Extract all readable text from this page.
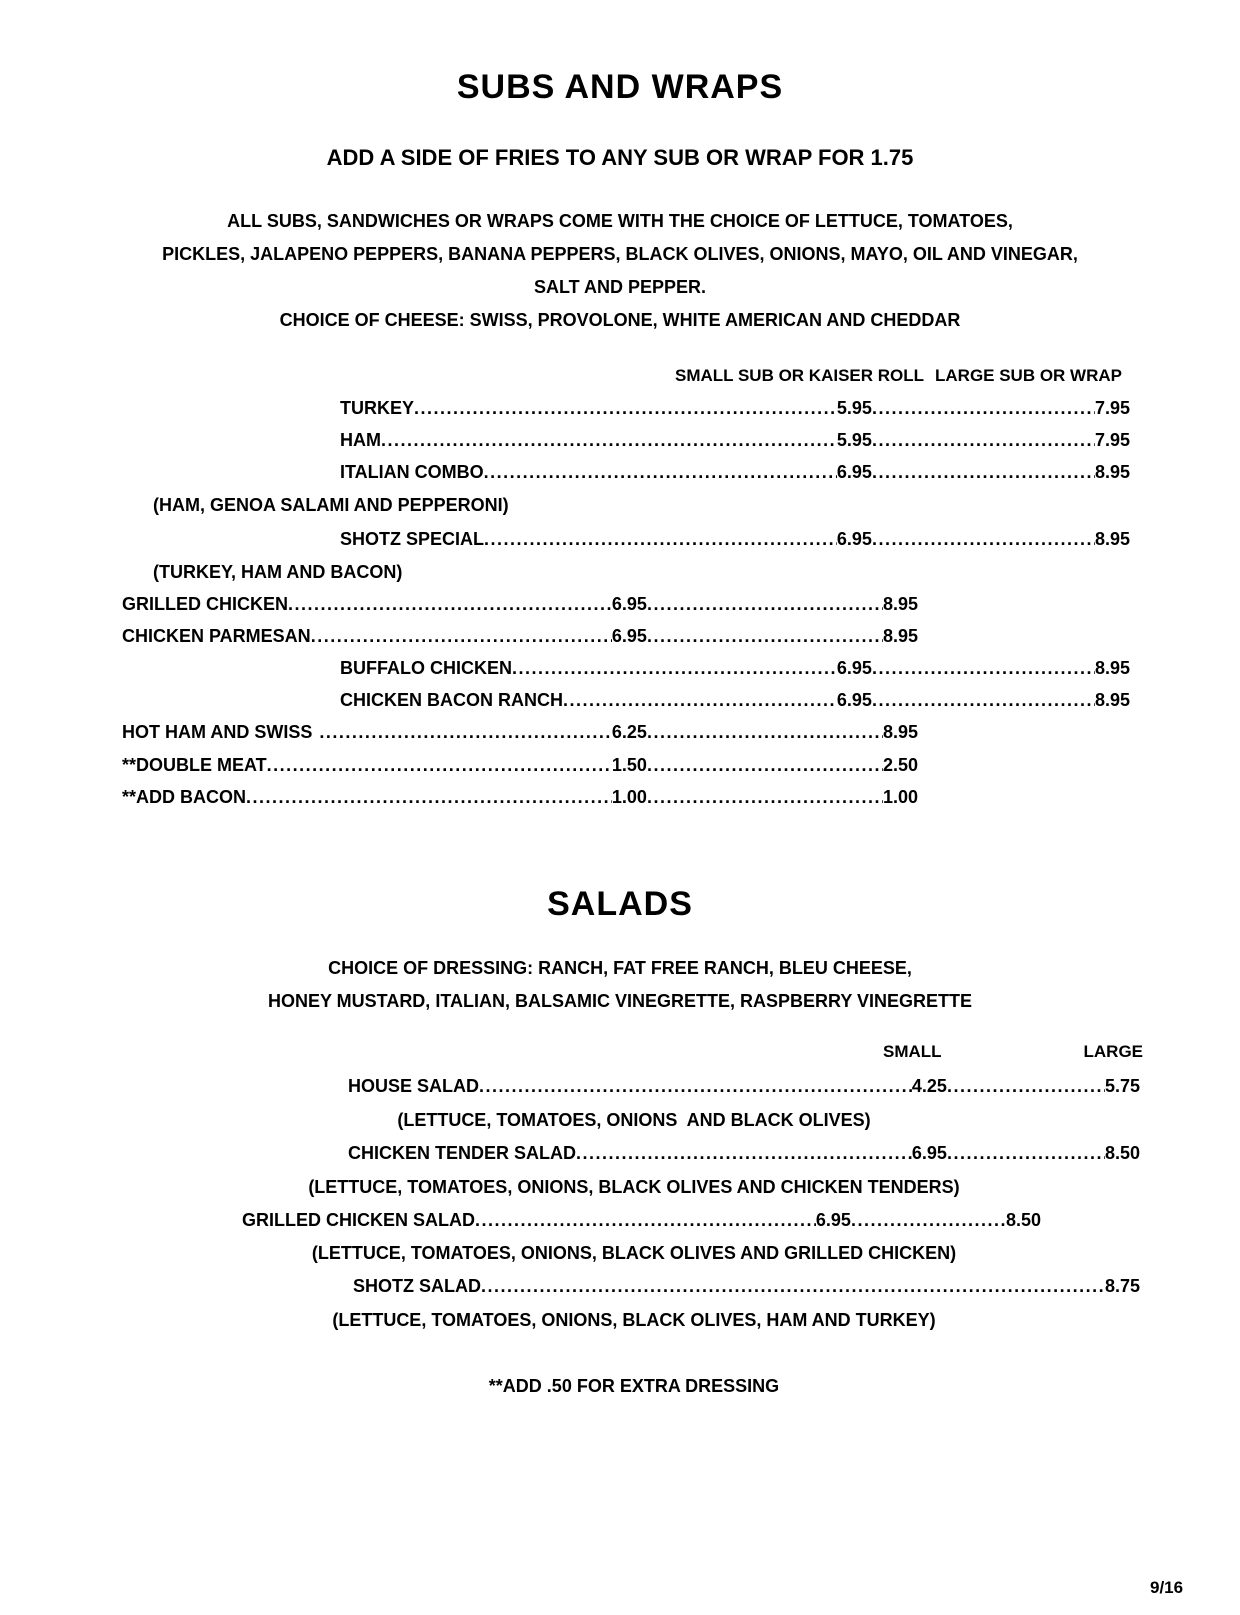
SUBS AND WRAPS
ADD A SIDE OF FRIES TO ANY SUB OR WRAP FOR 1.75
ALL SUBS, SANDWICHES OR WRAPS COME WITH THE CHOICE OF LETTUCE, TOMATOES,
PICKLES, JALAPENO PEPPERS, BANANA PEPPERS, BLACK OLIVES, ONIONS, MAYO, OIL AND VINEGAR,
SALT AND PEPPER.
CHOICE OF CHEESE: SWISS, PROVOLONE, WHITE AMERICAN AND CHEDDAR
SMALL SUB OR KAISER ROLL LARGE SUB OR WRAP
TURKEY .....	5.95 .....	7.95
HAM .....	5.95 .....	7.95
ITALIAN COMBO .....	6.95 .....	8.95
(HAM, GENOA SALAMI AND PEPPERONI)
SHOTZ SPECIAL .....	6.95 .....	8.95
(TURKEY, HAM AND BACON)
GRILLED CHICKEN .....	6.95 .....	8.95
CHICKEN PARMESAN .....	6.95 .....	8.95
BUFFALO CHICKEN .....	6.95 .....	8.95
CHICKEN BACON RANCH .....	6.95 .....	8.95
HOT HAM AND SWISS .....	6.25 .....	8.95
**DOUBLE MEAT .....	1.50 .....	2.50
**ADD BACON .....	1.00 .....	1.00
SALADS
CHOICE OF DRESSING: RANCH, FAT FREE RANCH, BLEU CHEESE,
HONEY MUSTARD, ITALIAN, BALSAMIC VINEGRETTE, RASPBERRY VINEGRETTE
SMALL	LARGE
HOUSE SALAD .....	4.25 .....	5.75
(LETTUCE, TOMATOES, ONIONS  AND BLACK OLIVES)
CHICKEN TENDER SALAD .....	6.95 .....	8.50
(LETTUCE, TOMATOES, ONIONS, BLACK OLIVES AND CHICKEN TENDERS)
GRILLED CHICKEN SALAD .....	6.95 .....	8.50
(LETTUCE, TOMATOES, ONIONS, BLACK OLIVES AND GRILLED CHICKEN)
SHOTZ SALAD .....	8.75
(LETTUCE, TOMATOES, ONIONS, BLACK OLIVES, HAM AND TURKEY)
**ADD .50 FOR EXTRA DRESSING
9/16
